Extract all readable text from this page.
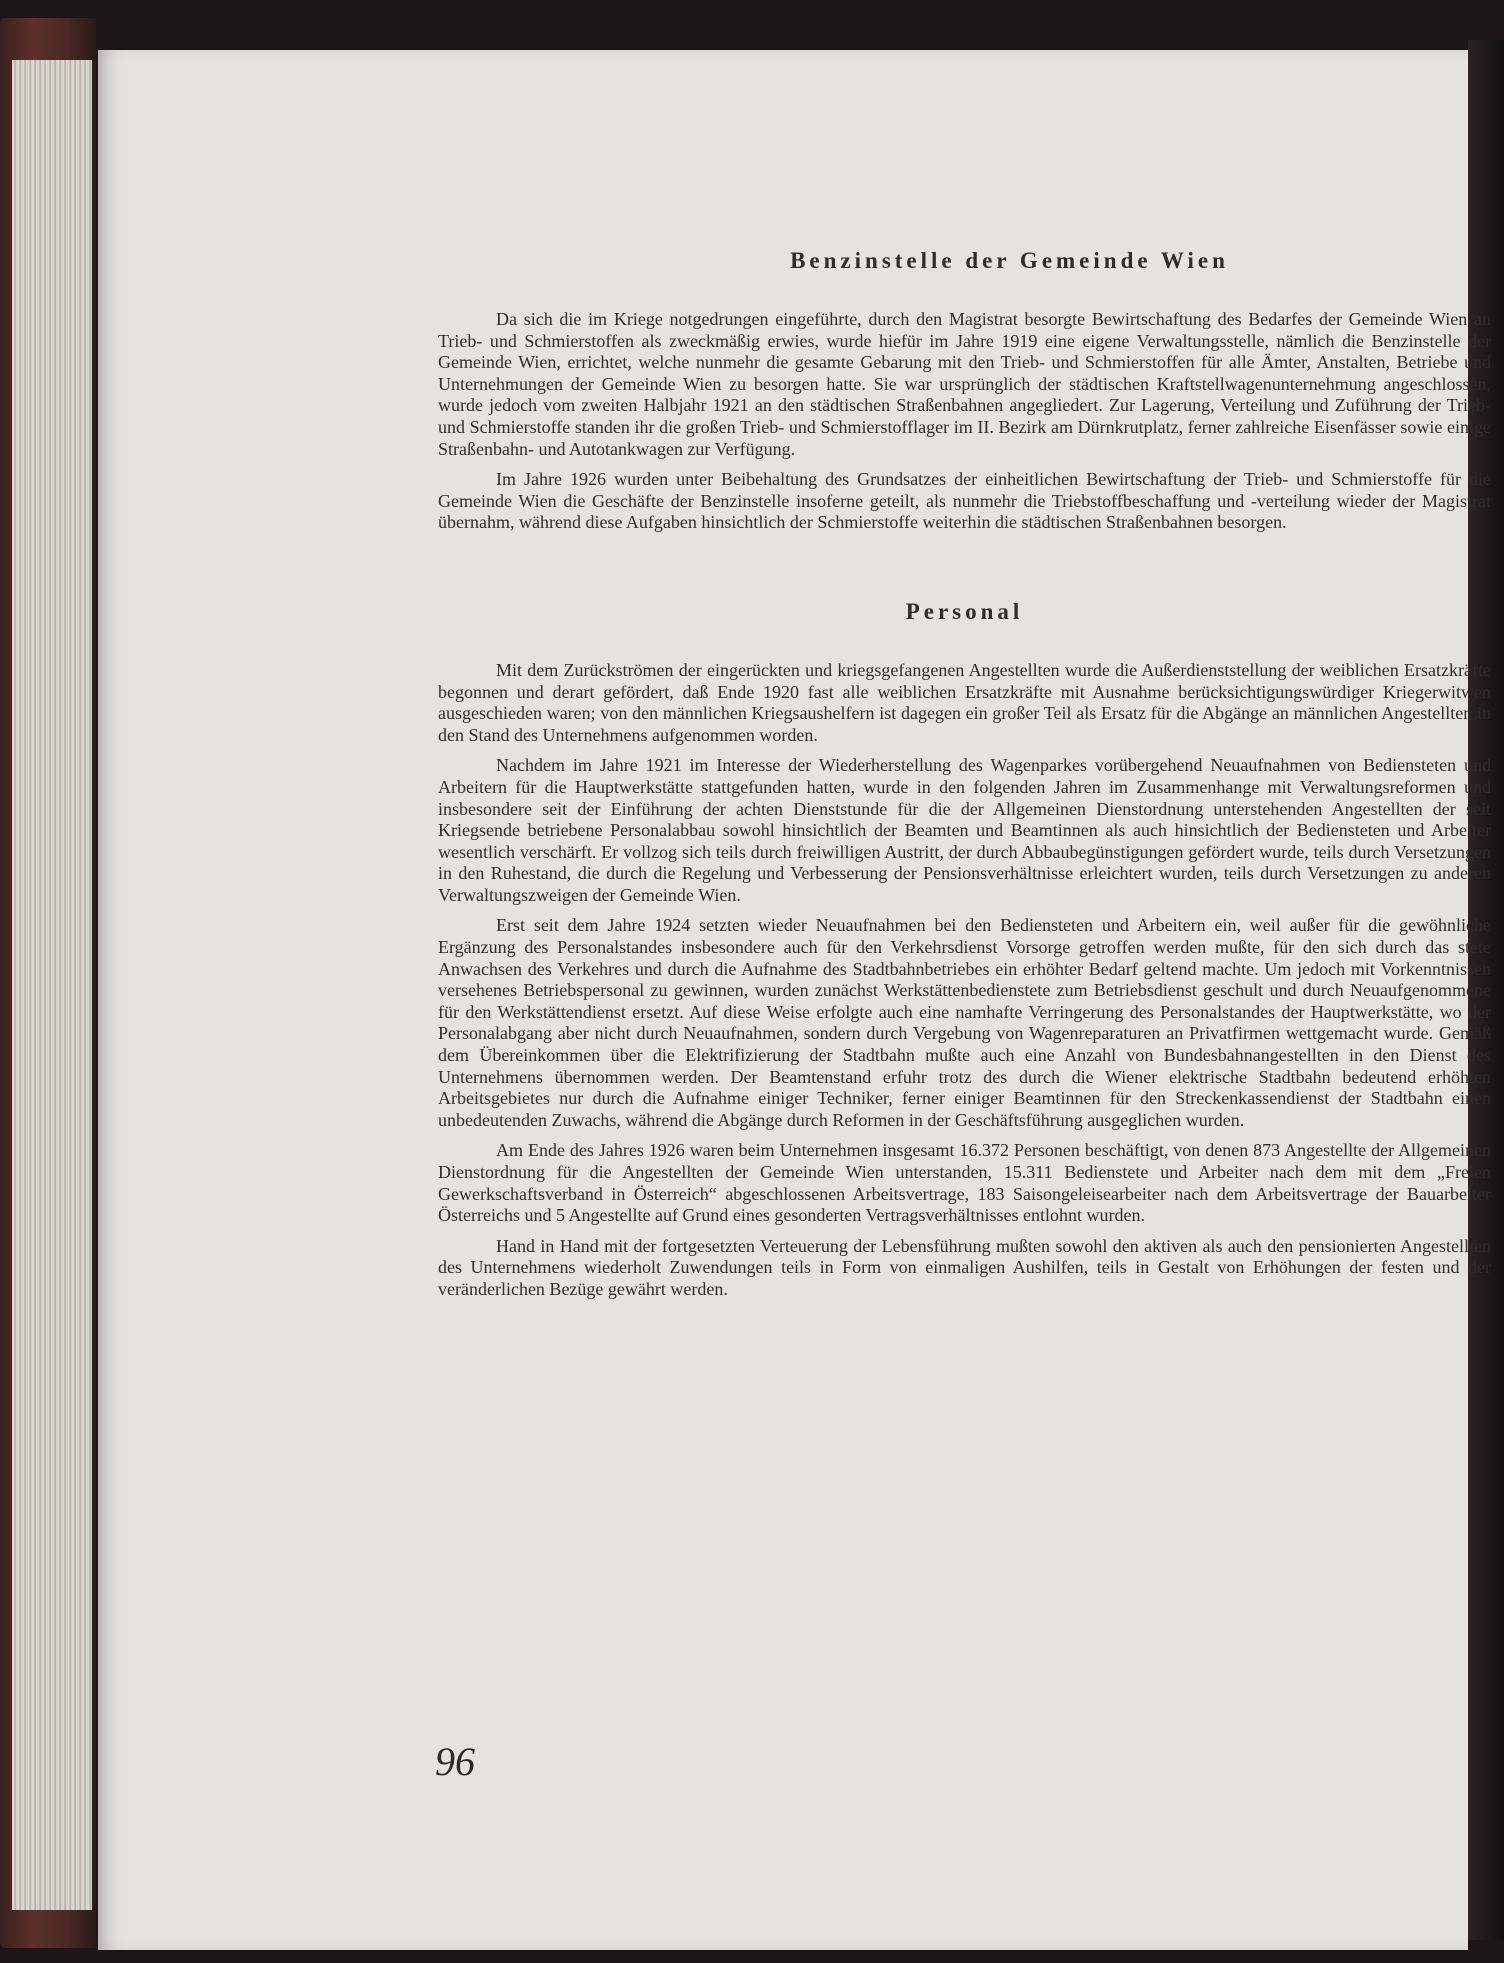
Benzinstelle der Gemeinde Wien

Da sich die im Kriege notgedrungen eingeführte, durch den Magistrat besorgte Bewirtschaftung des Bedarfes der Gemeinde Wien an Trieb- und Schmierstoffen als zweckmäßig erwies, wurde hiefür im Jahre 1919 eine eigene Verwaltungsstelle, nämlich die Benzinstelle der Gemeinde Wien, errichtet, welche nunmehr die gesamte Gebarung mit den Trieb- und Schmierstoffen für alle Ämter, Anstalten, Betriebe und Unternehmungen der Gemeinde Wien zu besorgen hatte. Sie war ursprünglich der städtischen Kraftstellwagenunternehmung angeschlossen, wurde jedoch vom zweiten Halbjahr 1921 an den städtischen Straßenbahnen angegliedert. Zur Lagerung, Verteilung und Zuführung der Trieb- und Schmierstoffe standen ihr die großen Trieb- und Schmierstofflager im II. Bezirk am Dürnkrutplatz, ferner zahlreiche Eisenfässer sowie einige Straßenbahn- und Autotankwagen zur Verfügung.

Im Jahre 1926 wurden unter Beibehaltung des Grundsatzes der einheitlichen Bewirtschaftung der Trieb- und Schmierstoffe für die Gemeinde Wien die Geschäfte der Benzinstelle insoferne geteilt, als nunmehr die Triebstoffbeschaffung und -verteilung wieder der Magistrat übernahm, während diese Aufgaben hinsichtlich der Schmierstoffe weiterhin die städtischen Straßenbahnen besorgen.

Personal

Mit dem Zurückströmen der eingerückten und kriegsgefangenen Angestellten wurde die Außerdienststellung der weiblichen Ersatzkräfte begonnen und derart gefördert, daß Ende 1920 fast alle weiblichen Ersatzkräfte mit Ausnahme berücksichtigungswürdiger Kriegerwitwen ausgeschieden waren; von den männlichen Kriegsaushelfern ist dagegen ein großer Teil als Ersatz für die Abgänge an männlichen Angestellten in den Stand des Unternehmens aufgenommen worden.

Nachdem im Jahre 1921 im Interesse der Wiederherstellung des Wagenparkes vorübergehend Neuaufnahmen von Bediensteten und Arbeitern für die Hauptwerkstätte stattgefunden hatten, wurde in den folgenden Jahren im Zusammenhange mit Verwaltungsreformen und insbesondere seit der Einführung der achten Dienststunde für die der Allgemeinen Dienstordnung unterstehenden Angestellten der seit Kriegsende betriebene Personalabbau sowohl hinsichtlich der Beamten und Beamtinnen als auch hinsichtlich der Bediensteten und Arbeiter wesentlich verschärft. Er vollzog sich teils durch freiwilligen Austritt, der durch Abbaubegünstigungen gefördert wurde, teils durch Versetzungen in den Ruhestand, die durch die Regelung und Verbesserung der Pensionsverhältnisse erleichtert wurden, teils durch Versetzungen zu anderen Verwaltungszweigen der Gemeinde Wien.

Erst seit dem Jahre 1924 setzten wieder Neuaufnahmen bei den Bediensteten und Arbeitern ein, weil außer für die gewöhnliche Ergänzung des Personalstandes insbesondere auch für den Verkehrsdienst Vorsorge getroffen werden mußte, für den sich durch das stete Anwachsen des Verkehres und durch die Aufnahme des Stadtbahnbetriebes ein erhöhter Bedarf geltend machte. Um jedoch mit Vorkenntnissen versehenes Betriebspersonal zu gewinnen, wurden zunächst Werkstättenbedienstete zum Betriebsdienst geschult und durch Neuaufgenommene für den Werkstättendienst ersetzt. Auf diese Weise erfolgte auch eine namhafte Verringerung des Personalstandes der Hauptwerkstätte, wo der Personalabgang aber nicht durch Neuaufnahmen, sondern durch Vergebung von Wagenreparaturen an Privatfirmen wettgemacht wurde. Gemäß dem Übereinkommen über die Elektrifizierung der Stadtbahn mußte auch eine Anzahl von Bundesbahnangestellten in den Dienst des Unternehmens übernommen werden. Der Beamtenstand erfuhr trotz des durch die Wiener elektrische Stadtbahn bedeutend erhöhten Arbeitsgebietes nur durch die Aufnahme einiger Techniker, ferner einiger Beamtinnen für den Streckenkassendienst der Stadtbahn einen unbedeutenden Zuwachs, während die Abgänge durch Reformen in der Geschäftsführung ausgeglichen wurden.

Am Ende des Jahres 1926 waren beim Unternehmen insgesamt 16.372 Personen beschäftigt, von denen 873 Angestellte der Allgemeinen Dienstordnung für die Angestellten der Gemeinde Wien unterstanden, 15.311 Bedienstete und Arbeiter nach dem mit dem „Freien Gewerkschaftsverband in Österreich“ abgeschlossenen Arbeitsvertrage, 183 Saisongeleisearbeiter nach dem Arbeitsvertrage der Bauarbeiter Österreichs und 5 Angestellte auf Grund eines gesonderten Vertragsverhältnisses entlohnt wurden.

Hand in Hand mit der fortgesetzten Verteuerung der Lebensführung mußten sowohl den aktiven als auch den pensionierten Angestellten des Unternehmens wiederholt Zuwendungen teils in Form von einmaligen Aushilfen, teils in Gestalt von Erhöhungen der festen und der veränderlichen Bezüge gewährt werden.

96
